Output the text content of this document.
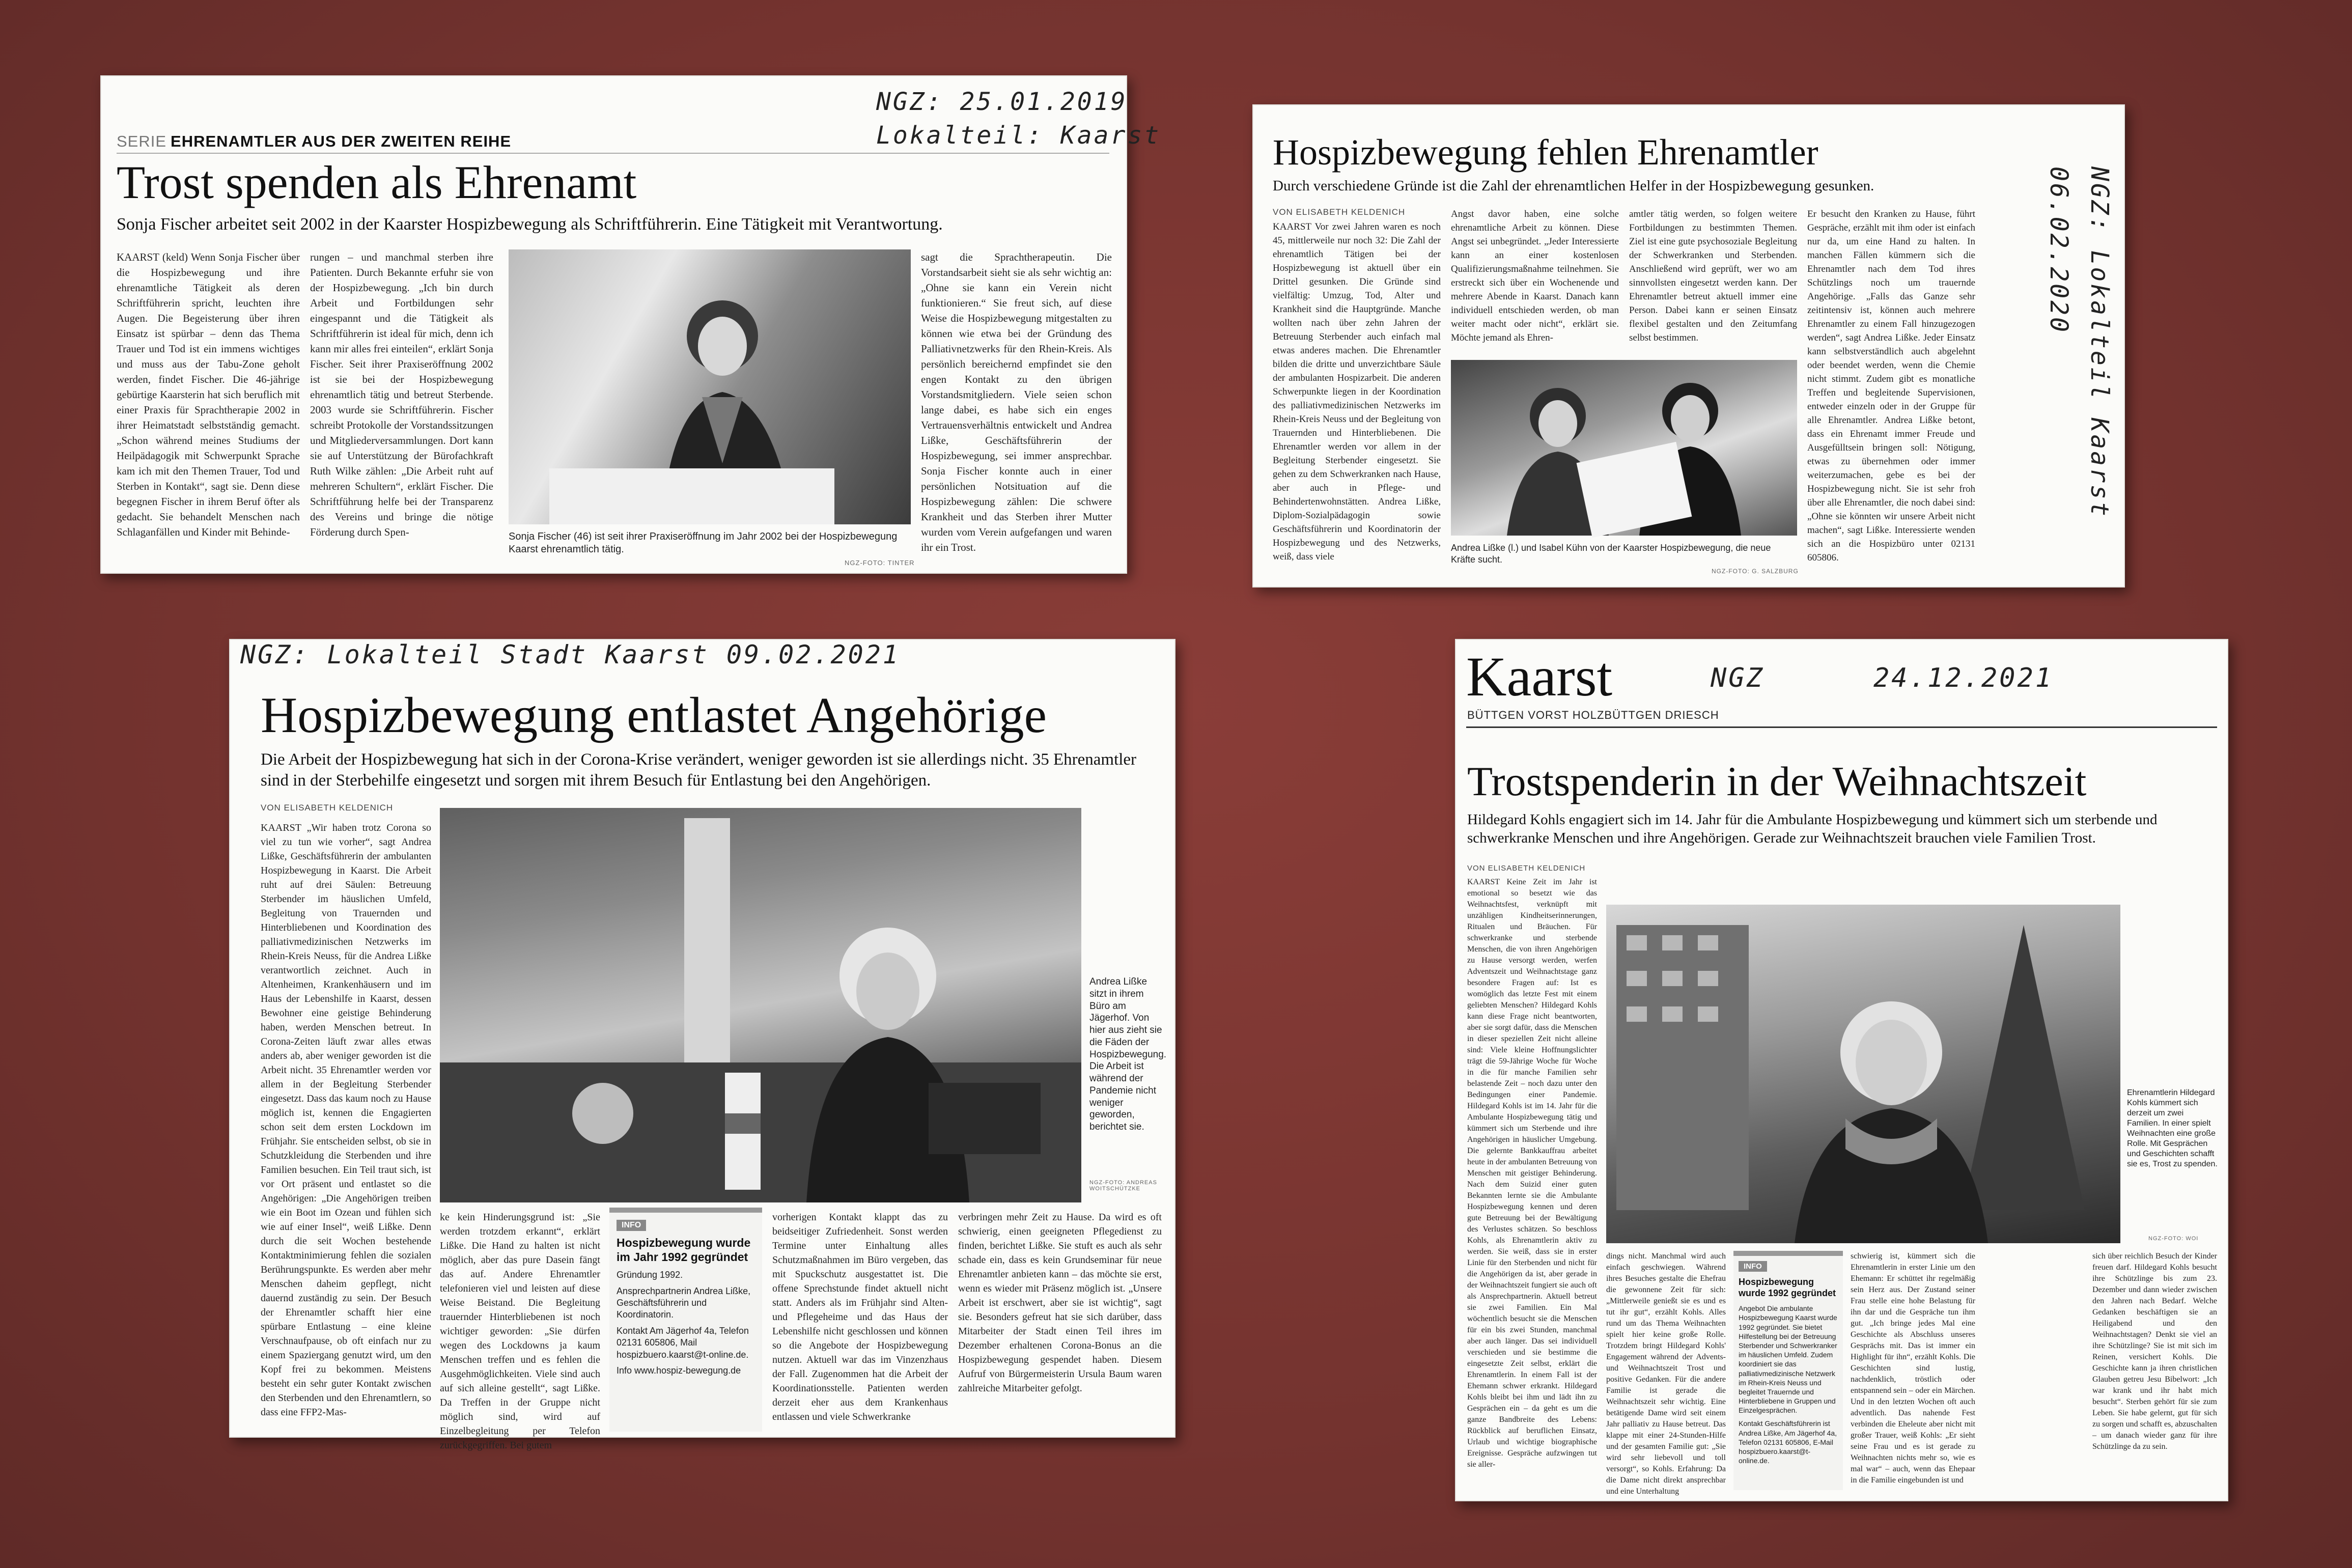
NGZ: 25.01.2019
Lokalteil: Kaarst
SERIE EHRENAMTLER AUS DER ZWEITEN REIHE
Trost spenden als Ehrenamt
Sonja Fischer arbeitet seit 2002 in der Kaarster Hospizbewegung als Schriftführerin. Eine Tätigkeit mit Verantwortung.
KAARST (keld) Wenn Sonja Fischer über die Hospizbewegung und ihre ehrenamtliche Tätigkeit als deren Schriftführerin spricht, leuchten ihre Augen. Die Begeisterung über ihren Einsatz ist spürbar – denn das Thema Trauer und Tod ist ein immens wichtiges und muss aus der Tabu-Zone geholt werden, findet Fischer. Die 46-jährige gebürtige Kaarsterin hat sich beruflich mit einer Praxis für Sprachtherapie 2002 in ihrer Heimatstadt selbstständig gemacht. „Schon während meines Studiums der Heilpädagogik mit Schwerpunkt Sprache kam ich mit den Themen Trauer, Tod und Sterben in Kontakt“, sagt sie. Denn diese begegnen Fischer in ihrem Beruf öfter als gedacht. Sie behandelt Menschen nach Schlaganfällen und Kinder mit Behinde-
rungen – und manchmal sterben ihre Patienten. Durch Bekannte erfuhr sie von der Hospizbewegung. „Ich bin durch Arbeit und Fortbildungen sehr eingespannt und die Tätigkeit als Schriftführerin ist ideal für mich, denn ich kann mir alles frei einteilen“, erklärt Sonja Fischer. Seit ihrer Praxiseröffnung 2002 ist sie bei der Hospizbewegung ehrenamtlich tätig und betreut Sterbende. 2003 wurde sie Schriftführerin. Fischer schreibt Protokolle der Vorstandssitzungen und Mitgliederversammlungen. Dort kann sie auf Unterstützung der Bürofachkraft Ruth Wilke zählen: „Die Arbeit ruht auf mehreren Schultern“, erklärt Fischer. Die Schriftführung helfe bei der Transparenz des Vereins und bringe die nötige Förderung durch Spen-	Sonja Fischer (46) ist seit ihrer Praxiseröffnung im Jahr 2002 bei der Hospizbewegung Kaarst ehrenamtlich tätig.
NGZ-FOTO: TINTER
sagt die Sprachtherapeutin. Die Vorstandsarbeit sieht sie als sehr wichtig an: „Ohne sie kann ein Verein nicht funktionieren.“ Sie freut sich, auf diese Weise die Hospizbewegung mitgestalten zu können wie etwa bei der Gründung des Palliativnetzwerks für den Rhein-Kreis. Als persönlich bereichernd empfindet sie den engen Kontakt zu den übrigen Vorstandsmitgliedern. Viele seien schon lange dabei, es habe sich ein enges Vertrauensverhältnis entwickelt und Andrea Lißke, Geschäftsführerin der Hospizbewegung, sei immer ansprechbar. Sonja Fischer konnte auch in einer persönlichen Notsituation auf die Hospizbewegung zählen: Die schwere Krankheit und das Sterben ihrer Mutter wurden vom Verein aufgefangen und waren ihr ein Trost.
NGZ: Lokalteil Kaarst
06.02.2020
Hospizbewegung fehlen Ehrenamtler
Durch verschiedene Gründe ist die Zahl der ehrenamtlichen Helfer in der Hospizbewegung gesunken.
VON ELISABETH KELDENICH
KAARST Vor zwei Jahren waren es noch 45, mittlerweile nur noch 32: Die Zahl der ehrenamtlich Tätigen bei der Hospizbewegung ist aktuell über ein Drittel gesunken. Die Gründe sind vielfältig: Umzug, Tod, Alter und Krankheit sind die Hauptgründe. Manche wollten nach über zehn Jahren der Betreuung Sterbender auch einfach mal etwas anderes machen. Die Ehrenamtler bilden die dritte und unverzichtbare Säule der ambulanten Hospizarbeit. Die anderen Schwerpunkte liegen in der Koordination des palliativmedizinischen Netzwerks im Rhein-Kreis Neuss und der Begleitung von Trauernden und Hinterbliebenen. Die Ehrenamtler werden vor allem in der Begleitung Sterbender eingesetzt. Sie gehen zu dem Schwerkranken nach Hause, aber auch in Pflege- und Behindertenwohnstätten. Andrea Lißke, Diplom-Sozialpädagogin sowie Geschäftsführerin und Koordinatorin der Hospizbewegung und des Netzwerks, weiß, dass viele
Angst davor haben, eine solche ehrenamtliche Arbeit zu können. Diese Angst sei unbegründet. „Jeder Interessierte kann an einer kostenlosen Qualifizierungsmaßnahme teilnehmen. Sie erstreckt sich über ein Wochenende und mehrere Abende in Kaarst. Danach kann individuell entschieden werden, ob man weiter macht oder nicht“, erklärt sie. Möchte jemand als Ehren-
amtler tätig werden, so folgen weitere Fortbildungen zu bestimmten Themen. Ziel ist eine gute psychosoziale Begleitung der Schwerkranken und Sterbenden. Anschließend wird geprüft, wer wo am sinnvollsten eingesetzt werden kann. Der Ehrenamtler betreut aktuell immer eine Person. Dabei kann er seinen Einsatz flexibel gestalten und den Zeitumfang selbst bestimmen.
Andrea Lißke (l.) und Isabel Kühn von der Kaarster Hospizbewegung, die neue Kräfte sucht.
NGZ-FOTO: G. SALZBURG
Er besucht den Kranken zu Hause, führt Gespräche, erzählt mit ihm oder ist einfach nur da, um eine Hand zu halten. In manchen Fällen kümmern sich die Ehrenamtler nach dem Tod ihres Schützlings noch um trauernde Angehörige. „Falls das Ganze sehr zeitintensiv ist, können auch mehrere Ehrenamtler zu einem Fall hinzugezogen werden“, sagt Andrea Lißke. Jeder Einsatz kann selbstverständlich auch abgelehnt oder beendet werden, wenn die Chemie nicht stimmt. Zudem gibt es monatliche Treffen und begleitende Supervisionen, entweder einzeln oder in der Gruppe für alle Ehrenamtler. Andrea Lißke betont, dass ein Ehrenamt immer Freude und Ausgefülltsein bringen soll: Nötigung, etwas zu übernehmen oder immer weiterzumachen, gebe es bei der Hospizbewegung nicht. Sie ist sehr froh über alle Ehrenamtler, die noch dabei sind: „Ohne sie könnten wir unsere Arbeit nicht machen“, sagt Lißke. Interessierte wenden sich an die Hospizbüro unter 02131 605806.
NGZ: Lokalteil Stadt Kaarst 09.02.2021
Hospizbewegung entlastet Angehörige
Die Arbeit der Hospizbewegung hat sich in der Corona-Krise verändert, weniger geworden ist sie allerdings nicht. 35 Ehrenamtler sind in der Sterbehilfe eingesetzt und sorgen mit ihrem Besuch für Entlastung bei den Angehörigen.
VON ELISABETH KELDENICH
KAARST „Wir haben trotz Corona so viel zu tun wie vorher“, sagt Andrea Lißke, Geschäftsführerin der ambulanten Hospizbewegung in Kaarst. Die Arbeit ruht auf drei Säulen: Betreuung Sterbender im häuslichen Umfeld, Begleitung von Trauernden und Hinterbliebenen und Koordination des palliativmedizinischen Netzwerks im Rhein-Kreis Neuss, für die Andrea Lißke verantwortlich zeichnet. Auch in Altenheimen, Krankenhäusern und im Haus der Lebenshilfe in Kaarst, dessen Bewohner eine geistige Behinderung haben, werden Menschen betreut. In Corona-Zeiten läuft zwar alles etwas anders ab, aber weniger geworden ist die Arbeit nicht. 35 Ehrenamtler werden vor allem in der Begleitung Sterbender eingesetzt. Dass das kaum noch zu Hause möglich ist, kennen die Engagierten schon seit dem ersten Lockdown im Frühjahr. Sie entscheiden selbst, ob sie in Schutzkleidung die Sterbenden und ihre Familien besuchen. Ein Teil traut sich, ist vor Ort präsent und entlastet so die Angehörigen: „Die Angehörigen treiben wie ein Boot im Ozean und fühlen sich wie auf einer Insel“, weiß Lißke. Denn durch die seit Wochen bestehende Kontaktminimierung fehlen die sozialen Berührungspunkte. Es werden aber mehr Menschen daheim gepflegt, nicht dauernd zuständig zu sein. Der Besuch der Ehrenamtler schafft hier eine spürbare Entlastung – eine kleine Verschnaufpause, ob oft einfach nur zu einem Spaziergang genutzt wird, um den Kopf frei zu bekommen. Meistens besteht ein sehr guter Kontakt zwischen den Sterbenden und den Ehrenamtlern, so dass eine FFP2-Mas-
Andrea Lißke sitzt in ihrem Büro am Jägerhof. Von hier aus zieht sie die Fäden der Hospizbewegung. Die Arbeit ist während der Pandemie nicht weniger geworden, berichtet sie.
NGZ-FOTO: ANDREAS WOITSCHÜTZKE
ke kein Hinderungsgrund ist: „Sie werden trotzdem erkannt“, erklärt Lißke. Die Hand zu halten ist nicht möglich, aber das pure Dasein fängt das auf. Andere Ehrenamtler telefonieren viel und leisten auf diese Weise Beistand. Die Begleitung trauernder Hinterbliebenen ist noch wichtiger geworden: „Sie dürfen wegen des Lockdowns ja kaum Menschen treffen und es fehlen die Ausgehmöglichkeiten. Viele sind auch auf sich alleine gestellt“, sagt Lißke. Da Treffen in der Gruppe nicht möglich sind, wird auf Einzelbegleitung per Telefon zurückgegriffen. Bei gutem
INFO
Hospizbewegung wurde im Jahr 1992 gegründet
Gründung 1992.
Ansprechpartnerin Andrea Lißke, Geschäftsführerin und Koordinatorin.
Kontakt Am Jägerhof 4a, Telefon 02131 605806, Mail hospizbuero.kaarst@t-online.de.
Info www.hospiz-bewegung.de
vorherigen Kontakt klappt das zu beidseitiger Zufriedenheit. Sonst werden Termine unter Einhaltung alles Schutzmaßnahmen im Büro vergeben, das mit Spuckschutz ausgestattet ist. Die offene Sprechstunde findet aktuell nicht statt. Anders als im Frühjahr sind Alten- und Pflegeheime und das Haus der Lebenshilfe nicht geschlossen und können so die Angebote der Hospizbewegung nutzen. Aktuell war das im Vinzenzhaus der Fall. Zugenommen hat die Arbeit der Koordinationsstelle. Patienten werden derzeit eher aus dem Krankenhaus entlassen und viele Schwerkranke
verbringen mehr Zeit zu Hause. Da wird es oft schwierig, einen geeigneten Pflegedienst zu finden, berichtet Lißke. Sie stuft es auch als sehr schade ein, dass es kein Grundseminar für neue Ehrenamtler anbieten kann – das möchte sie erst, wenn es wieder mit Präsenz möglich ist. „Unsere Arbeit ist erschwert, aber sie ist wichtig“, sagt sie. Besonders gefreut hat sie sich darüber, dass Mitarbeiter der Stadt einen Teil ihres im Dezember erhaltenen Corona-Bonus an die Hospizbewegung gespendet haben. Diesem Aufruf von Bürgermeisterin Ursula Baum waren zahlreiche Mitarbeiter gefolgt.
Kaarst
BÜTTGEN VORST HOLZBÜTTGEN DRIESCH
NGZ	24.12.2021
Trostspenderin in der Weihnachtszeit
Hildegard Kohls engagiert sich im 14. Jahr für die Ambulante Hospizbewegung und kümmert sich um sterbende und schwerkranke Menschen und ihre Angehörigen. Gerade zur Weihnachtszeit brauchen viele Familien Trost.
VON ELISABETH KELDENICH
KAARST Keine Zeit im Jahr ist emotional so besetzt wie das Weihnachtsfest, verknüpft mit unzähligen Kindheitserinnerungen, Ritualen und Bräuchen. Für schwerkranke und sterbende Menschen, die von ihren Angehörigen zu Hause versorgt werden, werfen Adventszeit und Weihnachtstage ganz besondere Fragen auf: Ist es womöglich das letzte Fest mit einem geliebten Menschen? Hildegard Kohls kann diese Frage nicht beantworten, aber sie sorgt dafür, dass die Menschen in dieser speziellen Zeit nicht alleine sind: Viele kleine Hoffnungslichter trägt die 59-Jährige Woche für Woche in die für manche Familien sehr belastende Zeit – noch dazu unter den Bedingungen einer Pandemie. Hildegard Kohls ist im 14. Jahr für die Ambulante Hospizbewegung tätig und kümmert sich um Sterbende und ihre Angehörigen in häuslicher Umgebung. Die gelernte Bankkauffrau arbeitet heute in der ambulanten Betreuung von Menschen mit geistiger Behinderung. Nach dem Suizid einer guten Bekannten lernte sie die Ambulante Hospizbewegung kennen und deren gute Betreuung bei der Bewältigung des Verlustes schätzen. So beschloss Kohls, als Ehrenamtlerin aktiv zu werden. Sie weiß, dass sie in erster Linie für den Sterbenden und nicht für die Angehörigen da ist, aber gerade in der Weihnachtszeit fungiert sie auch oft als Ansprechpartnerin. Aktuell betreut sie zwei Familien. Ein Mal wöchentlich besucht sie die Menschen für ein bis zwei Stunden, manchmal aber auch länger. Das sei individuell verschieden und sie bestimme die eingesetzte Zeit selbst, erklärt die Ehrenamtlerin. In einem Fall ist der Ehemann schwer erkrankt. Hildegard Kohls bleibt bei ihm und lädt ihn zu Gesprächen ein – da geht es um die ganze Bandbreite des Lebens: Rückblick auf beruflichen Einsatz, Urlaub und wichtige biographische Ereignisse. Gespräche aufzwingen tut sie aller-
Ehrenamtlerin Hildegard Kohls kümmert sich derzeit um zwei Familien. In einer spielt Weihnachten eine große Rolle. Mit Gesprächen und Geschichten schafft sie es, Trost zu spenden.
NGZ-FOTO: WOI
dings nicht. Manchmal wird auch einfach geschwiegen. Während ihres Besuches gestalte die Ehefrau die gewonnene Zeit für sich: „Mittlerweile genießt sie es und es tut ihr gut“, erzählt Kohls. Alles rund um das Thema Weihnachten spielt hier keine große Rolle. Trotzdem bringt Hildegard Kohls' Engagement während der Advents- und Weihnachtszeit Trost und positive Gedanken. Für die andere Familie ist gerade die Weihnachtszeit sehr wichtig. Eine betätigende Dame wird seit einem Jahr palliativ zu Hause betreut. Das klappe mit einer 24-Stunden-Hilfe und der gesamten Familie gut: „Sie wird sehr liebevoll und toll versorgt“, so Kohls. Erfahrung: Da die Dame nicht direkt ansprechbar und eine Unterhaltung
INFO
Hospizbewegung wurde 1992 gegründet
Angebot Die ambulante Hospizbewegung Kaarst wurde 1992 gegründet. Sie bietet Hilfestellung bei der Betreuung Sterbender und Schwerkranker im häuslichen Umfeld. Zudem koordiniert sie das palliativmedizinische Netzwerk im Rhein-Kreis Neuss und begleitet Trauernde und Hinterbliebene in Gruppen und Einzelgesprächen.
Kontakt Geschäftsführerin ist Andrea Lißke, Am Jägerhof 4a, Telefon 02131 605806, E-Mail hospizbuero.kaarst@t-online.de.
schwierig ist, kümmert sich die Ehrenamtlerin in erster Linie um den Ehemann: Er schüttet ihr regelmäßig sein Herz aus. Der Zustand seiner Frau stelle eine hohe Belastung für ihn dar und die Gespräche tun ihm gut. „Ich bringe jedes Mal eine Geschichte als Abschluss unseres Gesprächs mit. Das ist immer ein Highlight für ihn“, erzählt Kohls. Die Geschichten sind lustig, nachdenklich, tröstlich oder entspannend sein – oder ein Märchen. Und in den letzten Wochen oft auch adventlich. Das nahende Fest verbinden die Eheleute aber nicht mit großer Trauer, weiß Kohls: „Er sieht seine Frau und es ist gerade zu Weihnachten nichts mehr so, wie es mal war“ – auch, wenn das Ehepaar in die Familie eingebunden ist und
sich über reichlich Besuch der Kinder freuen darf. Hildegard Kohls besucht ihre Schützlinge bis zum 23. Dezember und dann wieder zwischen den Jahren nach Bedarf. Welche Gedanken beschäftigen sie an Heiligabend und den Weihnachtstagen? Denkt sie viel an ihre Schützlinge? Sie ist mit sich im Reinen, versichert Kohls. Die Geschichte kann ja ihren christlichen Glauben getreu Jesu Bibelwort: „Ich war krank und ihr habt mich besucht“. Sterben gehört für sie zum Leben. Sie habe gelernt, gut für sich zu sorgen und schafft es, abzuschalten – um danach wieder ganz für ihre Schützlinge da zu sein.
